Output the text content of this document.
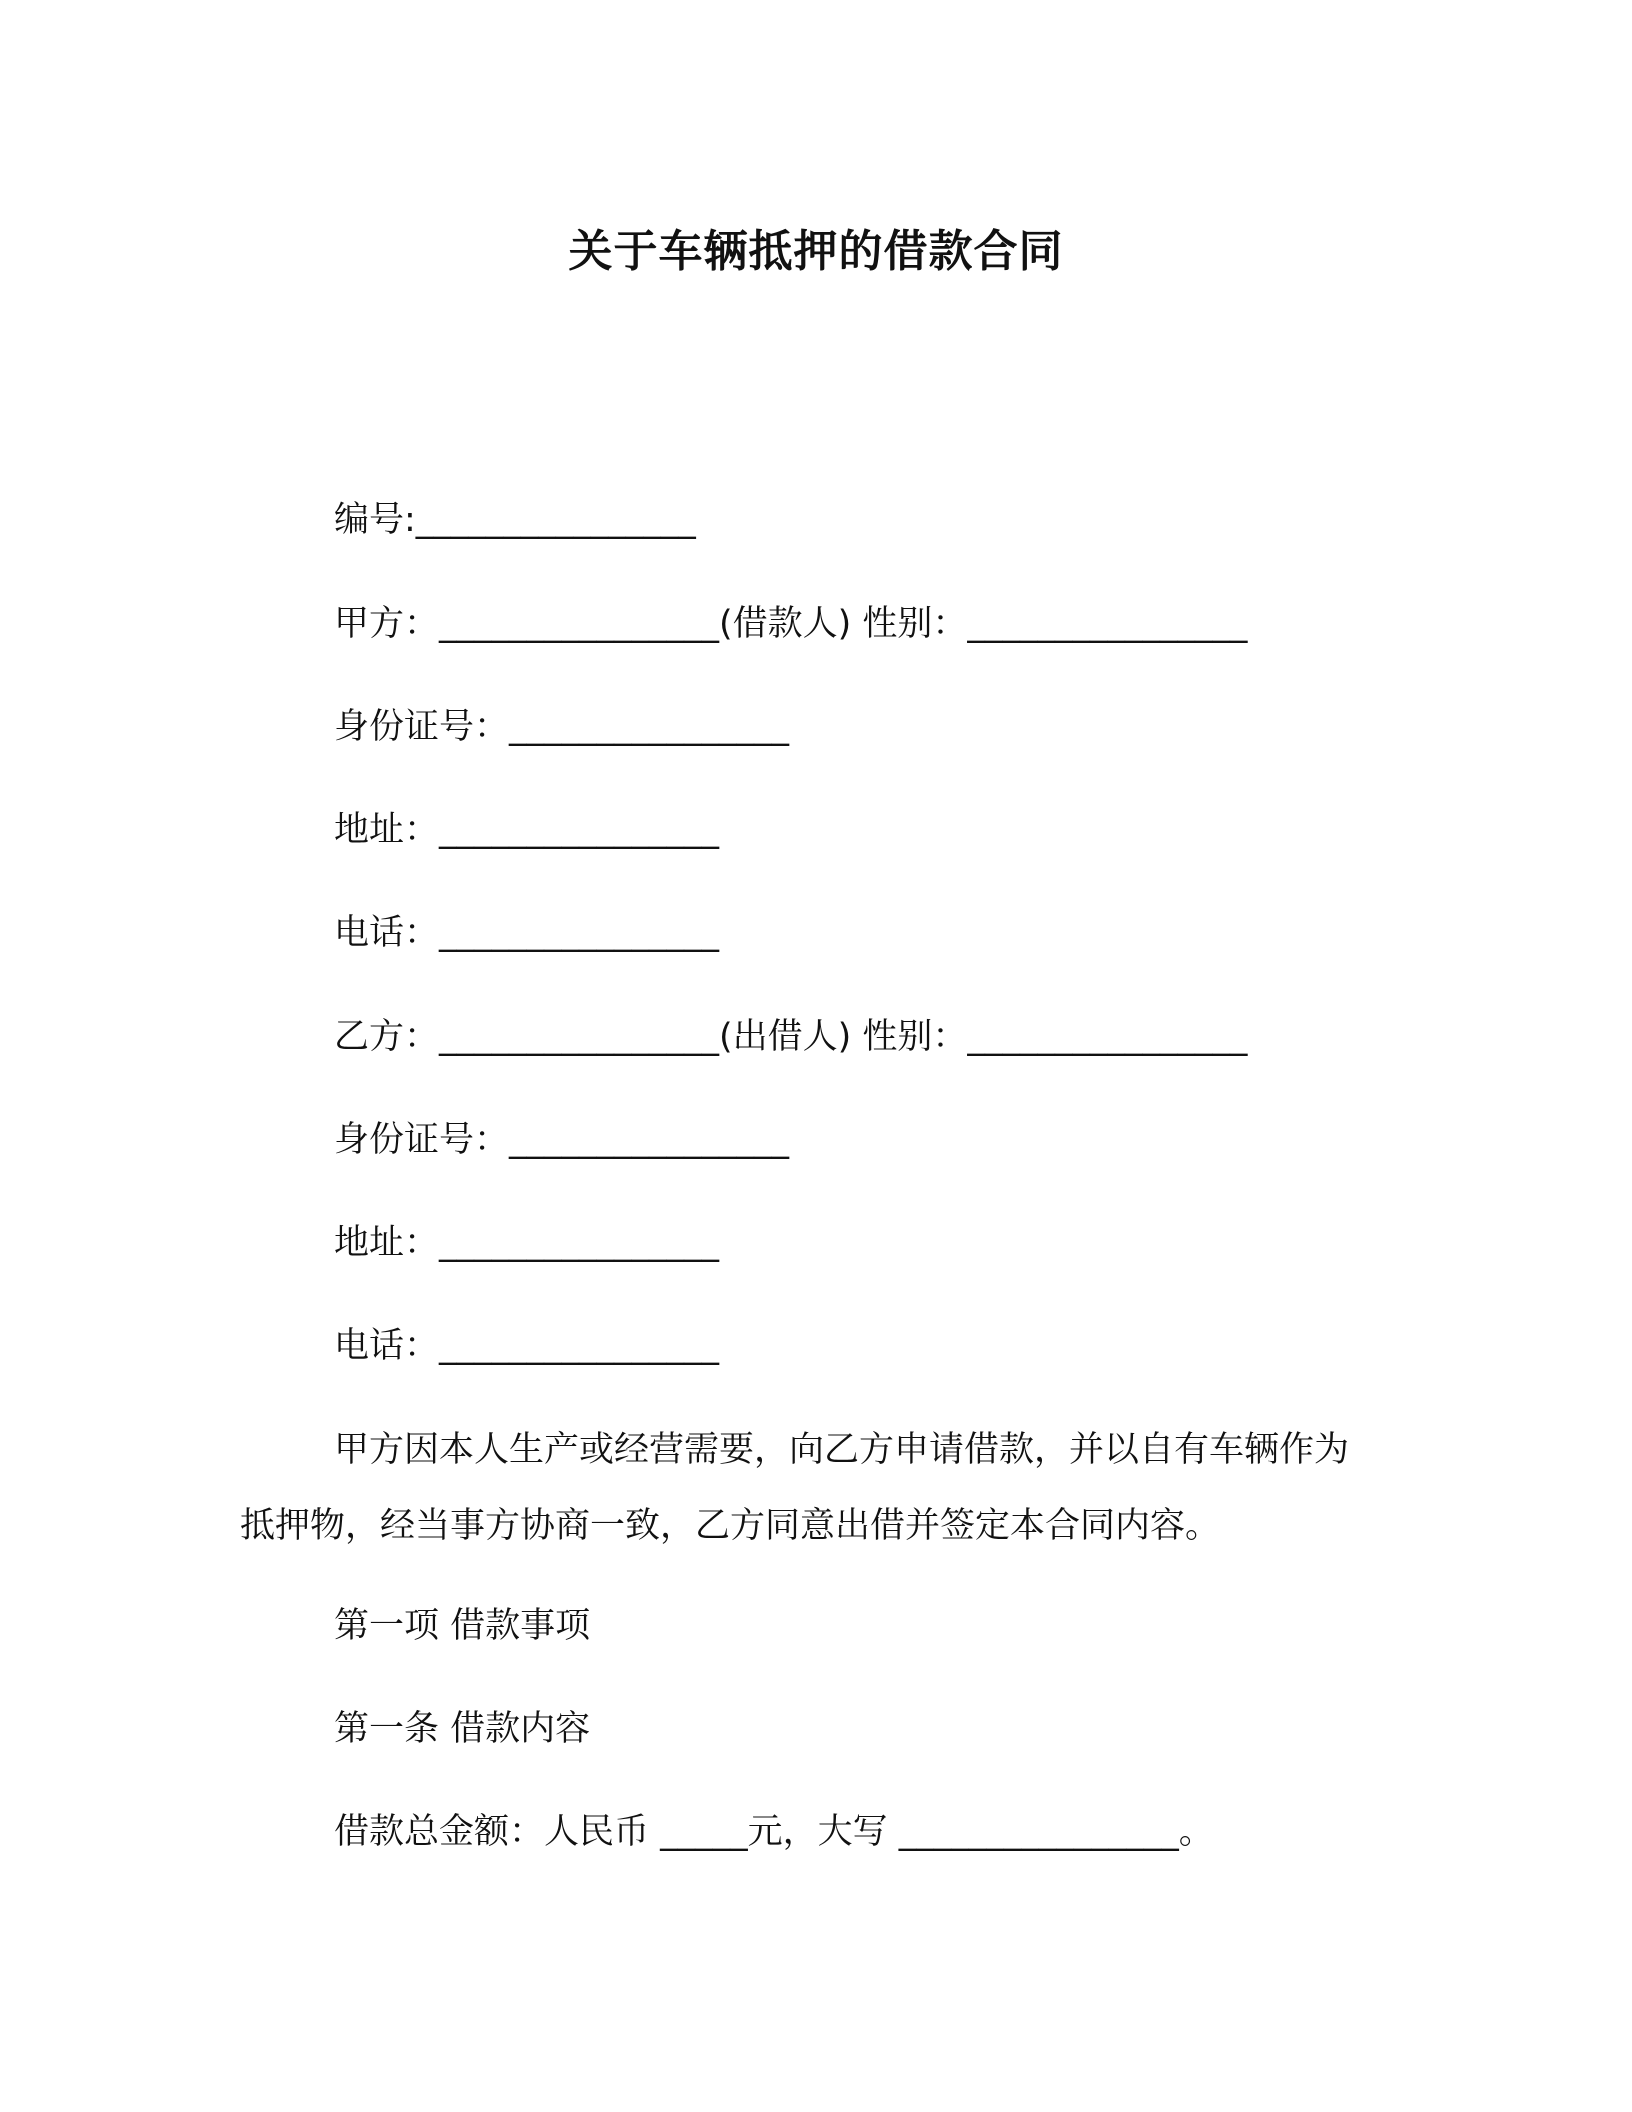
关于车辆抵押的借款合同
编号:________________
甲方：________________(借款人) 性别：________________
身份证号：________________
地址：________________
电话：________________
乙方：________________(出借人) 性别：________________
身份证号：________________
地址：________________
电话：________________
甲方因本人生产或经营需要，向乙方申请借款，并以自有车辆作为抵押物，经当事方协商一致，乙方同意出借并签定本合同内容。
第一项 借款事项
第一条 借款内容
借款总金额：人民币 _____元，大写 ________________。
